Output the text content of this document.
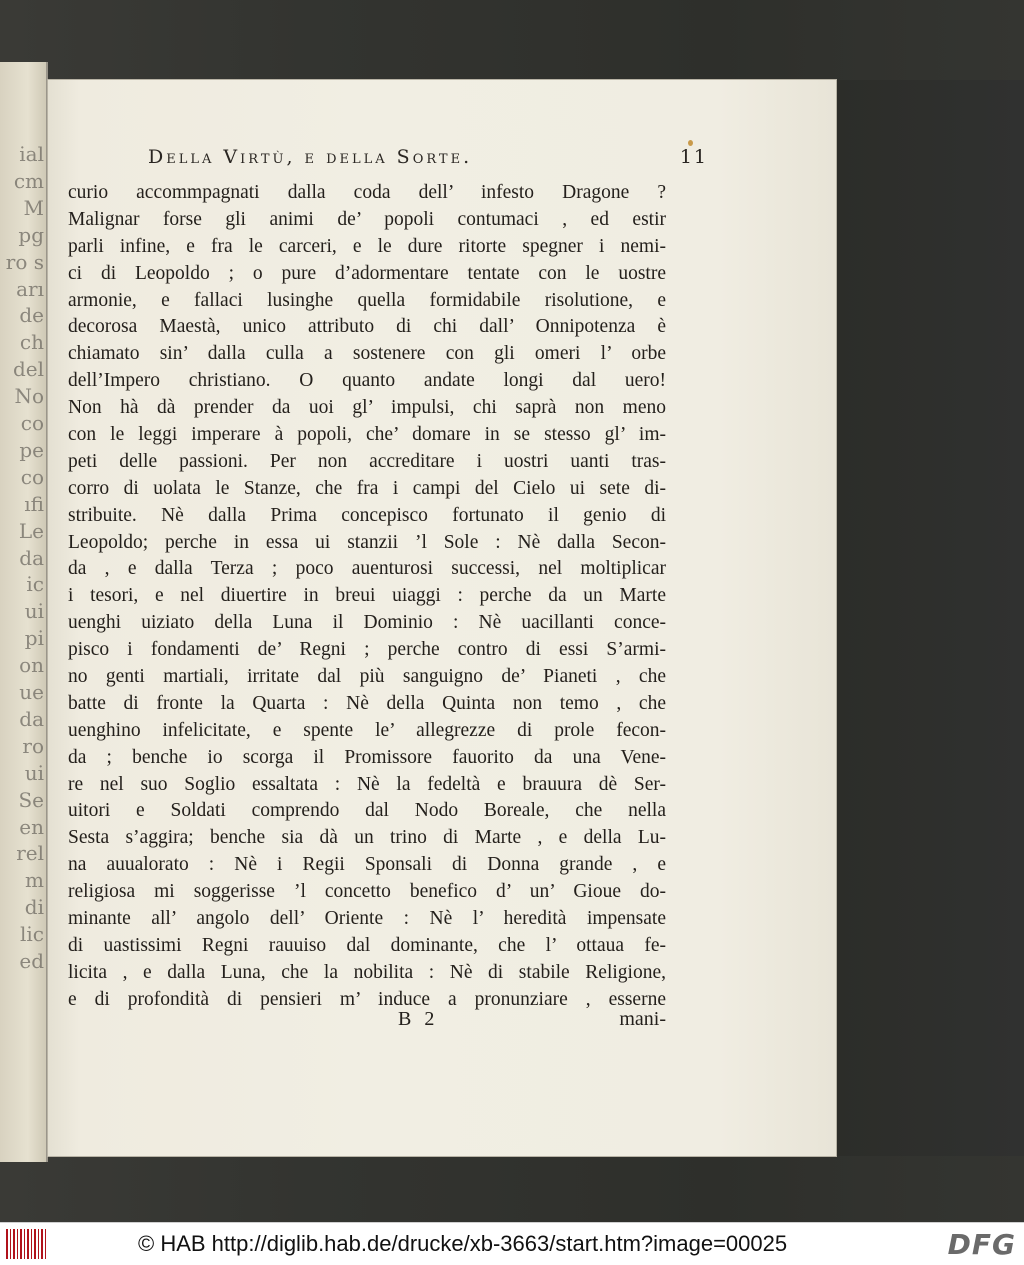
ial
cm
M
pg
ro s
arı
de
ch
del
No
co
pe
co
ıfi
Le
da
ic
ui
pi
on
ue
da
ro
ui
Se
en
rel
m
di
lic
ed
Della Virtù, e della Sorte.	11
curio accommpagnati dalla coda dell’ infesto Dragone ?
Malignar forse gli animi de’ popoli contumaci , ed estir
parli infine, e fra le carceri, e le dure ritorte spegner i nemi-
ci di Leopoldo ; o pure d’adormentare tentate con le uostre
armonie, e fallaci lusinghe quella formidabile risolutione, e
decorosa Maestà, unico attributo di chi dall’ Onnipotenza è
chiamato sin’ dalla culla a sostenere con gli omeri l’ orbe
dell’Impero christiano. O quanto andate longi dal uero!
Non hà dà prender da uoi gl’ impulsi, chi saprà non meno
con le leggi imperare à popoli, che’ domare in se stesso gl’ im-
peti delle passioni. Per non accreditare i uostri uanti tras-
corro di uolata le Stanze, che fra i campi del Cielo ui sete di-
stribuite. Nè dalla Prima concepisco fortunato il genio di
Leopoldo; perche in essa ui stanzii ’l Sole : Nè dalla Secon-
da , e dalla Terza ; poco auenturosi successi, nel moltiplicar
i tesori, e nel diuertire in breui uiaggi : perche da un Marte
uenghi uiziato della Luna il Dominio : Nè uacillanti conce-
pisco i fondamenti de’ Regni ; perche contro di essi S’armi-
no genti martiali, irritate dal più sanguigno de’ Pianeti , che
batte di fronte la Quarta : Nè della Quinta non temo , che
uenghino infelicitate, e spente le’ allegrezze di prole fecon-
da ; benche io scorga il Promissore fauorito da una Vene-
re nel suo Soglio essaltata : Nè la fedeltà e brauura dè Ser-
uitori e Soldati comprendo dal Nodo Boreale, che nella
Sesta s’aggira; benche sia dà un trino di Marte , e della Lu-
na auualorato : Nè i Regii Sponsali di Donna grande , e
religiosa mi soggerisse ’l concetto benefico d’ un’ Gioue do-
minante all’ angolo dell’ Oriente : Nè l’ heredità impensate
di uastissimi Regni rauuiso dal dominante, che l’ ottaua fe-
licita , e dalla Luna, che la nobilita : Nè di stabile Religione,
e di profondità di pensieri m’ induce a pronunziare , esserne
B 2	mani-
© HAB http://diglib.hab.de/drucke/xb-3663/start.htm?image=00025	DFG
